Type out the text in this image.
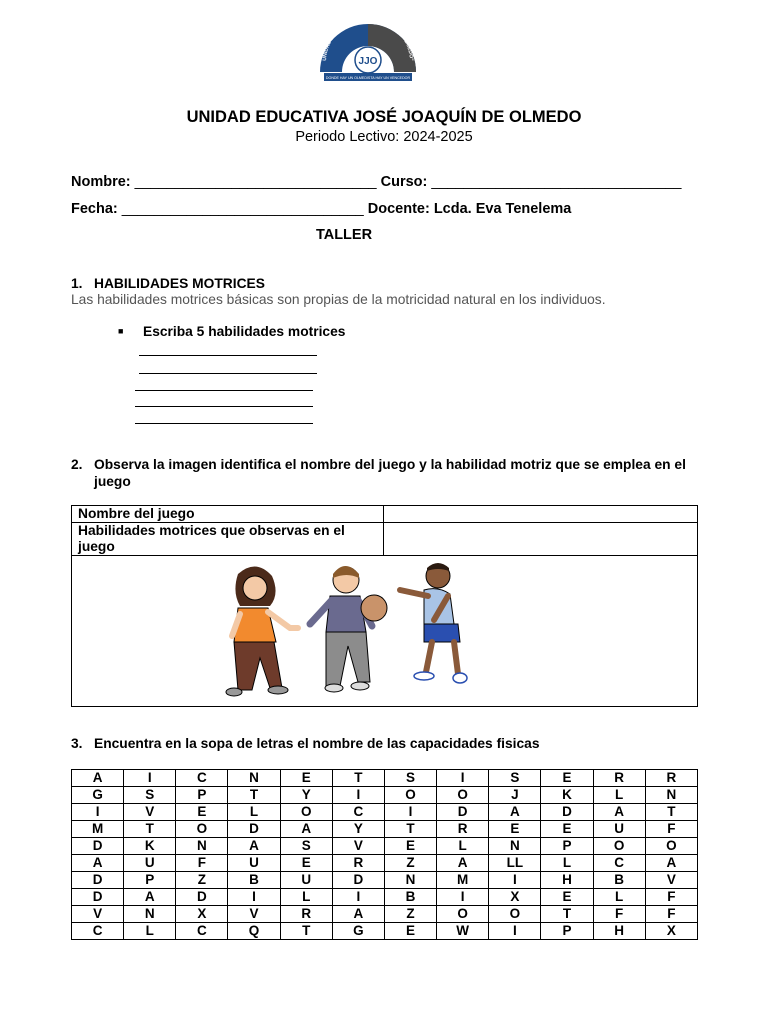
UNIDAD EDUCATIVA "JOSÉ JOAQUÍN DE OLMEDO"
JJO
DONDE HAY UN OLMEDISTA HAY UN VENCEDOR
UNIDAD EDUCATIVA JOSÉ JOAQUÍN DE OLMEDO
Periodo Lectivo: 2024-2025
Nombre: ______________________________ Curso: _______________________________
Fecha: ______________________________ Docente: Lcda. Eva Tenelema
TALLER
1. HABILIDADES MOTRICES
Las habilidades motrices básicas son propias de la motricidad natural en los individuos.
■ Escriba 5 habilidades motrices
2. Observa la imagen identifica el nombre del juego y la habilidad motriz que se emplea en el juego
Nombre del juego	
Habilidades motrices que observas en el juego	

3. Encuentra en la sopa de letras el nombre de las capacidades fisicas
A	I	C	N	E	T	S	I	S	E	R	R
G	S	P	T	Y	I	O	O	J	K	L	N
I	V	E	L	O	C	I	D	A	D	A	T
M	T	O	D	A	Y	T	R	E	E	U	F
D	K	N	A	S	V	E	L	N	P	O	O
A	U	F	U	E	R	Z	A	LL	L	C	A
D	P	Z	B	U	D	N	M	I	H	B	V
D	A	D	I	L	I	B	I	X	E	L	F
V	N	X	V	R	A	Z	O	O	T	F	F
C	L	C	Q	T	G	E	W	I	P	H	X
